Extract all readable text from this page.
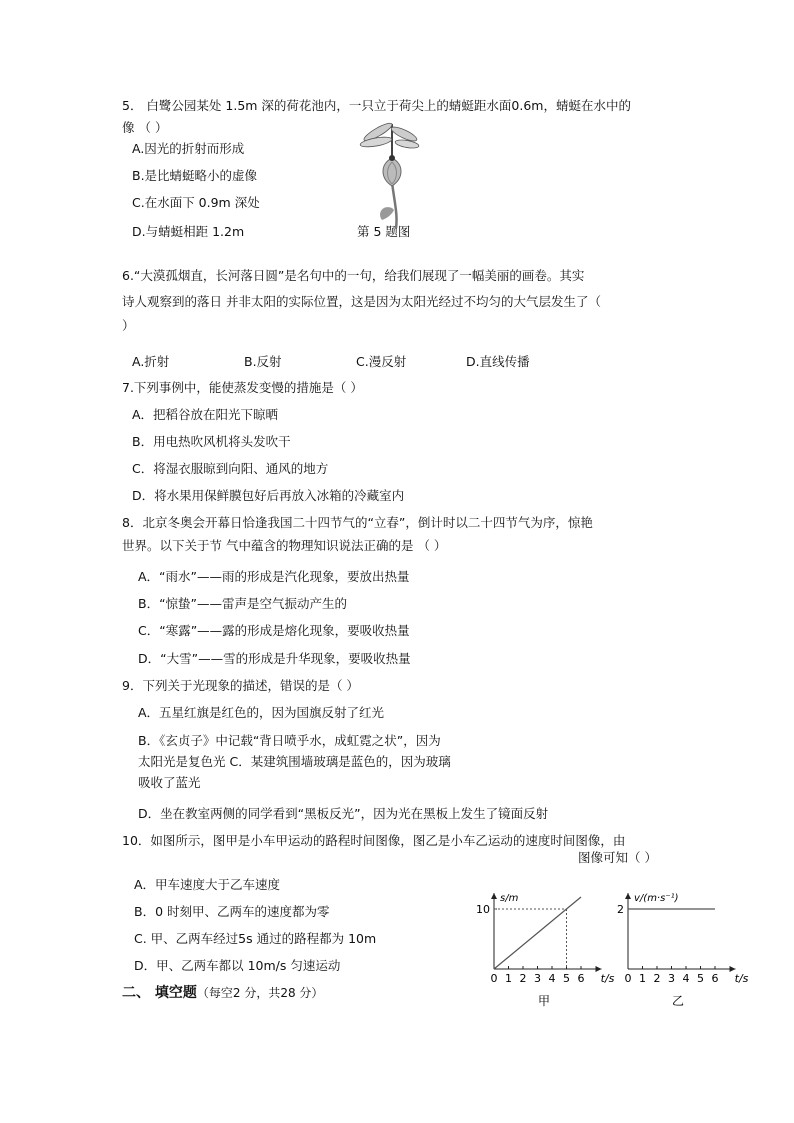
5． 白鹭公园某处 1.5m 深的荷花池内，一只立于荷尖上的蜻蜓距水面0.6m，蜻蜓在水中的
像 （ ）
A.因光的折射而形成
B.是比蜻蜓略小的虚像
C.在水面下 0.9m 深处
D.与蜻蜓相距 1.2m	第 5 题图
6.“大漠孤烟直，长河落日圆”是名句中的一句，给我们展现了一幅美丽的画卷。其实
诗人观察到的落日 并非太阳的实际位置，这是因为太阳光经过不均匀的大气层发生了（
）
A.折射	B.反射	C.漫反射	D.直线传播
7.下列事例中，能使蒸发变慢的措施是（ ）
A．把稻谷放在阳光下晾晒
B．用电热吹风机将头发吹干
C．将湿衣服晾到向阳、通风的地方
D．将水果用保鲜膜包好后再放入冰箱的冷藏室内
8．北京冬奥会开幕日恰逢我国二十四节气的“立春”，倒计时以二十四节气为序，惊艳
世界。以下关于节 气中蕴含的物理知识说法正确的是 （ ）
A．“雨水”——雨的形成是汽化现象，要放出热量
B．“惊蛰”——雷声是空气振动产生的
C．“寒露”——露的形成是熔化现象，要吸收热量
D．“大雪”——雪的形成是升华现象，要吸收热量
9．下列关于光现象的描述，错误的是（ ）
A．五星红旗是红色的，因为国旗反射了红光
B．《玄贞子》中记载“背日喷乎水，成虹霓之状”，因为
太阳光是复色光 C．某建筑围墙玻璃是蓝色的，因为玻璃
吸收了蓝光
D．坐在教室两侧的同学看到“黑板反光”，因为光在黑板上发生了镜面反射
10．如图所示，图甲是小车甲运动的路程时间图像，图乙是小车乙运动的速度时间图像，由
图像可知（ ）
A．甲车速度大于乙车速度
B．0 时刻甲、乙两车的速度都为零
C. 甲、乙两车经过5s 通过的路程都为 10m
D．甲、乙两车都以 10m/s 匀速运动
二、 填空题（每空2 分，共28 分）
0 1 2 3 4 5 6 t/s
s/m
10
甲
0 1 2 3 4 5 6 t/s
v/(m·s⁻¹)
2
乙
